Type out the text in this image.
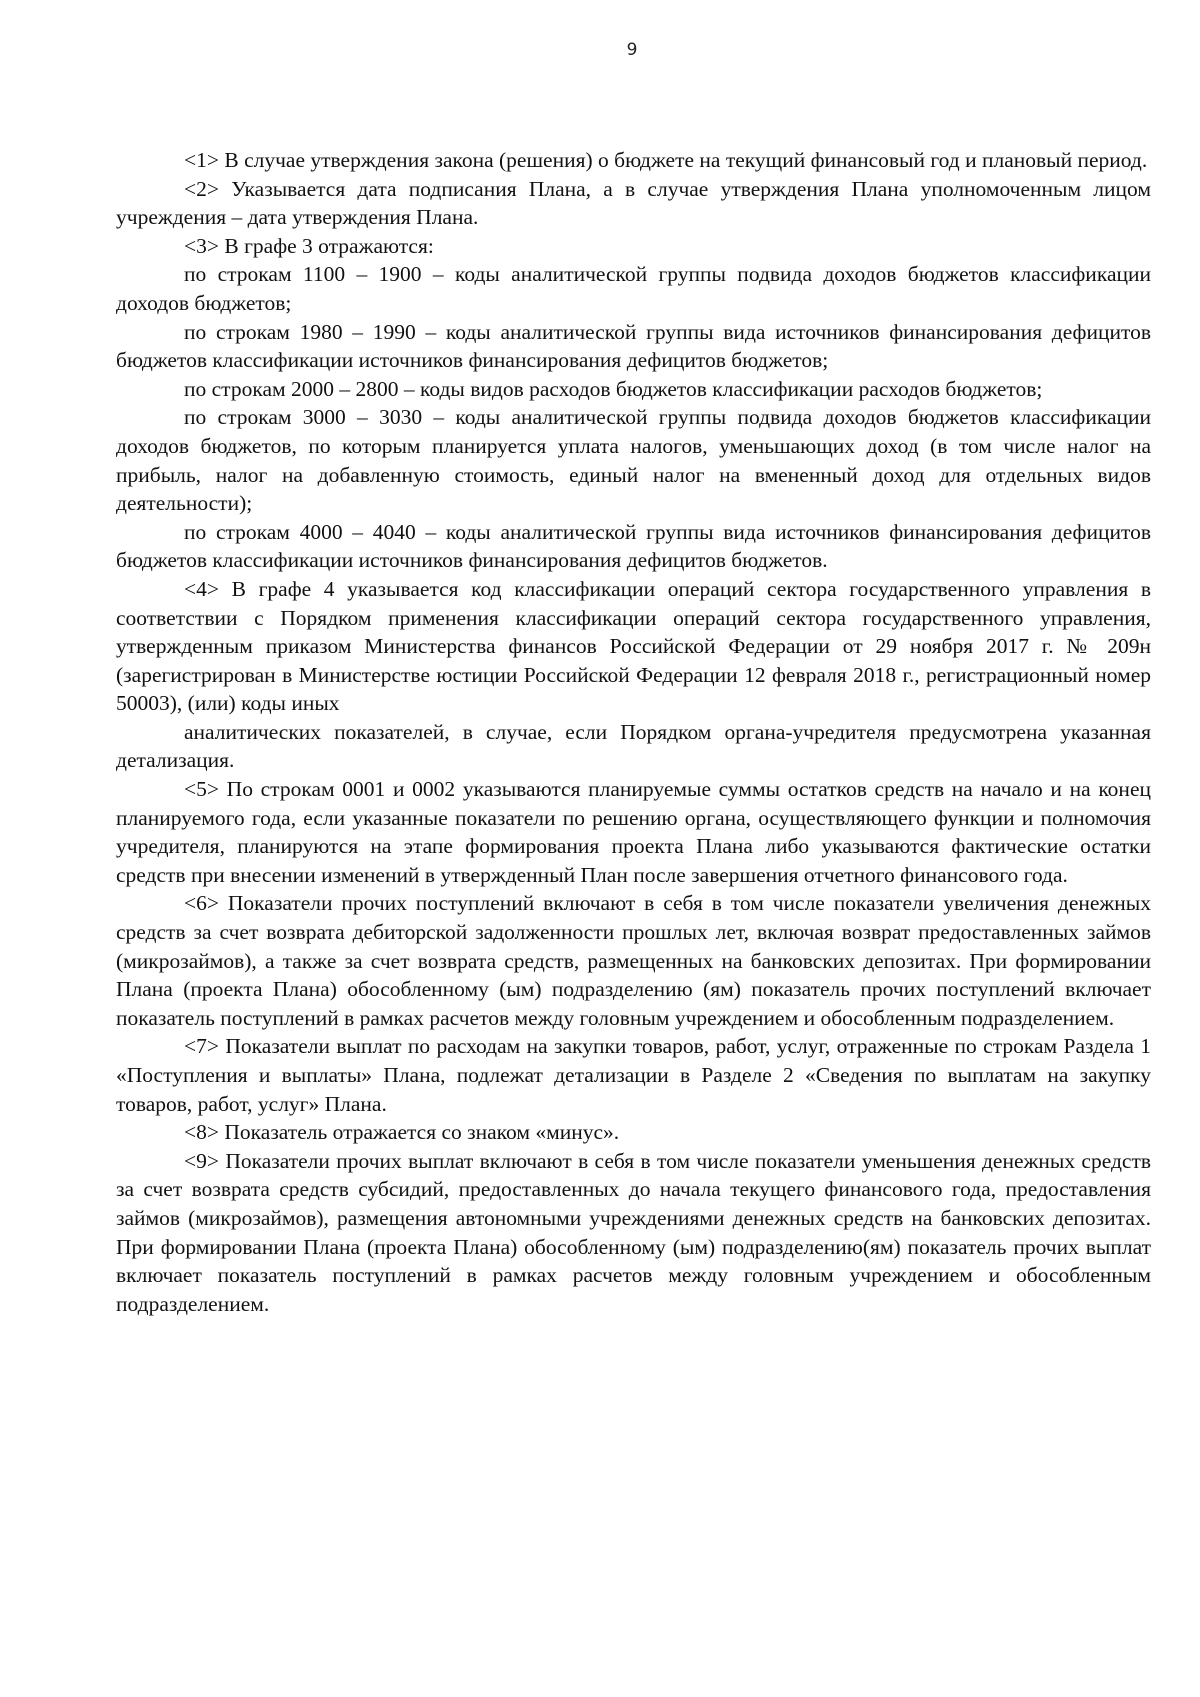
9

<1> В случае утверждения закона (решения) о бюджете на текущий финансовый год и плановый период.

<2> Указывается дата подписания Плана, а в случае утверждения Плана уполномоченным лицом учреждения – дата утверждения Плана.

<3> В графе 3 отражаются:

по строкам 1100 – 1900 – коды аналитической группы подвида доходов бюджетов классификации доходов бюджетов;

по строкам 1980 – 1990 – коды аналитической группы вида источников финансирования дефицитов бюджетов классификации источников финансирования дефицитов бюджетов;

по строкам 2000 – 2800 – коды видов расходов бюджетов классификации расходов бюджетов;

по строкам 3000 – 3030 – коды аналитической группы подвида доходов бюджетов классификации доходов бюджетов, по которым планируется уплата налогов, уменьшающих доход (в том числе налог на прибыль, налог на добавленную стоимость, единый налог на вмененный доход для отдельных видов деятельности);

по строкам 4000 – 4040 – коды аналитической группы вида источников финансирования дефицитов бюджетов классификации источников финансирования дефицитов бюджетов.

<4> В графе 4 указывается код классификации операций сектора государственного управления в соответствии с Порядком применения классификации операций сектора государственного управления, утвержденным приказом Министерства финансов Российской Федерации от 29 ноября 2017 г. № 209н (зарегистрирован в Министерстве юстиции Российской Федерации 12 февраля 2018 г., регистрационный номер 50003), (или) коды иных

аналитических показателей, в случае, если Порядком органа-учредителя предусмотрена указанная детализация.

<5> По строкам 0001 и 0002 указываются планируемые суммы остатков средств на начало и на конец планируемого года, если указанные показатели по решению органа, осуществляющего функции и полномочия учредителя, планируются на этапе формирования проекта Плана либо указываются фактические остатки средств при внесении изменений в утвержденный План после завершения отчетного финансового года.

<6> Показатели прочих поступлений включают в себя в том числе показатели увеличения денежных средств за счет возврата дебиторской задолженности прошлых лет, включая возврат предоставленных займов (микрозаймов), а также за счет возврата средств, размещенных на банковских депозитах. При формировании Плана (проекта Плана) обособленному (ым) подразделению (ям) показатель прочих поступлений включает показатель поступлений в рамках расчетов между головным учреждением и обособленным подразделением.

<7> Показатели выплат по расходам на закупки товаров, работ, услуг, отраженные по строкам Раздела 1 «Поступления и выплаты» Плана, подлежат детализации в Разделе 2 «Сведения по выплатам на закупку товаров, работ, услуг» Плана.

<8> Показатель отражается со знаком «минус».

<9> Показатели прочих выплат включают в себя в том числе показатели уменьшения денежных средств за счет возврата средств субсидий, предоставленных до начала текущего финансового года, предоставления займов (микрозаймов), размещения автономными учреждениями денежных средств на банковских депозитах. При формировании Плана (проекта Плана) обособленному (ым) подразделению(ям) показатель прочих выплат включает показатель поступлений в рамках расчетов между головным учреждением и обособленным подразделением.
